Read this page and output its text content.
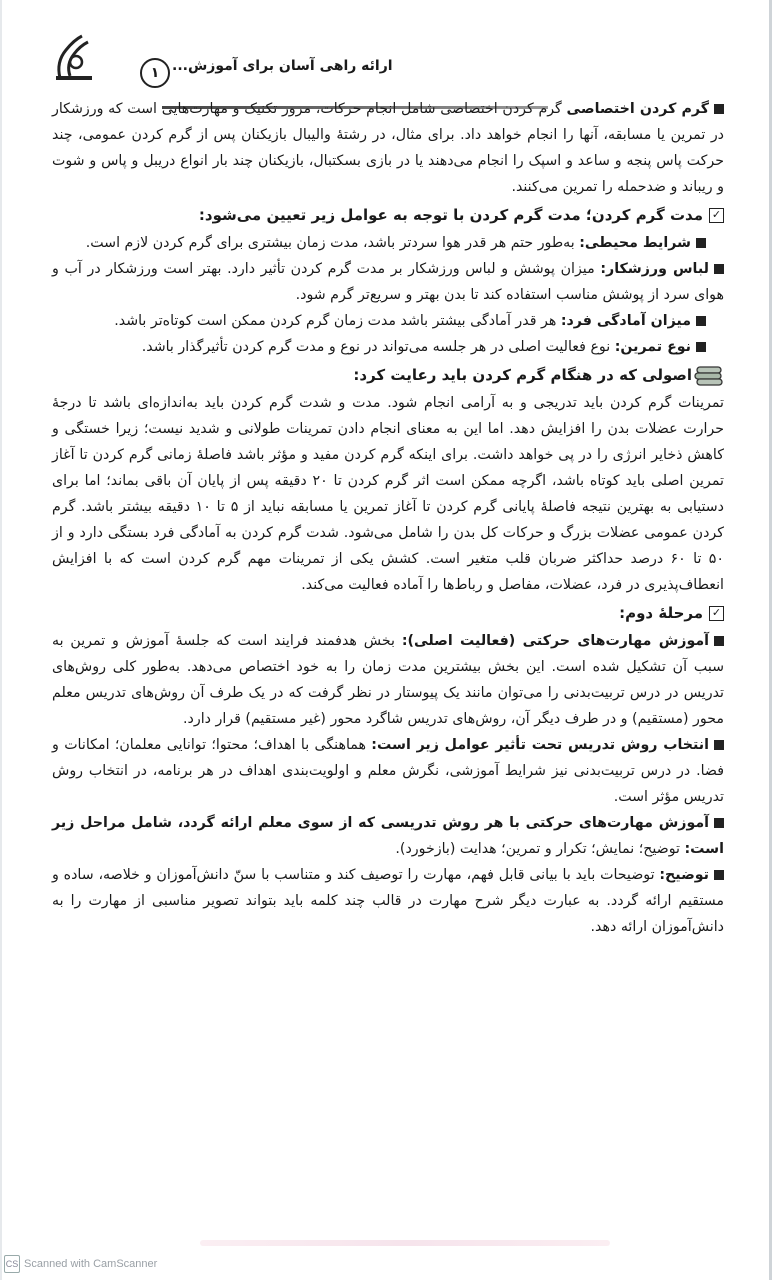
۱ ارائه راهی آسان برای آموزش...

گرم کردن اختصاصی گرم کردن اختصاصی شامل انجام حرکات، مرور تکنیک و مهارت‌هایی است که ورزشکار در تمرین یا مسابقه، آنها را انجام خواهد داد. برای مثال، در رشتهٔ والیبال بازیکنان پس از گرم کردن عمومی، چند حرکت پاس پنجه و ساعد و اسپک را انجام می‌دهند یا در بازی بسکتبال، بازیکنان چند بار انواع دریبل و پاس و شوت و ریباند و ضدحمله را تمرین می‌کنند.

✓مدت گرم کردن؛ مدت گرم کردن با توجه به عوامل زیر تعیین می‌شود:

شرایط محیطی: به‌طور حتم هر قدر هوا سردتر باشد، مدت زمان بیشتری برای گرم کردن لازم است.

لباس ورزشکار: میزان پوشش و لباس ورزشکار بر مدت گرم کردن تأثیر دارد. بهتر است ورزشکار در آب و هوای سرد از پوشش مناسب استفاده کند تا بدن بهتر و سریع‌تر گرم شود.

میزان آمادگی فرد: هر قدر آمادگی بیشتر باشد مدت زمان گرم کردن ممکن است کوتاه‌تر باشد.

نوع تمرین: نوع فعالیت اصلی در هر جلسه می‌تواند در نوع و مدت گرم کردن تأثیرگذار باشد.

اصولی که در هنگام گرم کردن باید رعایت کرد:

تمرینات گرم کردن باید تدریجی و به آرامی انجام شود. مدت و شدت گرم کردن باید به‌اندازه‌ای باشد تا درجهٔ حرارت عضلات بدن را افزایش دهد. اما این به معنای انجام دادن تمرینات طولانی و شدید نیست؛ زیرا خستگی و کاهش ذخایر انرژی را در پی خواهد داشت. برای اینکه گرم کردن مفید و مؤثر باشد فاصلهٔ زمانی گرم کردن تا آغاز تمرین اصلی باید کوتاه باشد، اگرچه ممکن است اثر گرم کردن تا ۲۰ دقیقه پس از پایان آن باقی بماند؛ اما برای دستیابی به بهترین نتیجه فاصلهٔ پایانی گرم کردن تا آغاز تمرین یا مسابقه نباید از ۵ تا ۱۰ دقیقه بیشتر باشد. گرم کردن عمومی عضلات بزرگ و حرکات کل بدن را شامل می‌شود. شدت گرم کردن به آمادگی فرد بستگی دارد و از ۵۰ تا ۶۰ درصد حداکثر ضربان قلب متغیر است. کشش یکی از تمرینات مهم گرم کردن است که با افزایش انعطاف‌پذیری در فرد، عضلات، مفاصل و رباط‌ها را آماده فعالیت می‌کند.

✓مرحلهٔ دوم:

آموزش مهارت‌های حرکتی (فعالیت اصلی): بخش هدفمند فرایند است که جلسهٔ آموزش و تمرین به سبب آن تشکیل شده است. این بخش بیشترین مدت زمان را به خود اختصاص می‌دهد. به‌طور کلی روش‌های تدریس در درس تربیت‌بدنی را می‌توان مانند یک پیوستار در نظر گرفت که در یک طرف آن روش‌های تدریس معلم محور (مستقیم) و در طرف دیگر آن، روش‌های تدریس شاگرد محور (غیر مستقیم) قرار دارد.

انتخاب روش تدریس تحت تأثیر عوامل زیر است: هماهنگی با اهداف؛ محتوا؛ توانایی معلمان؛ امکانات و فضا. در درس تربیت‌بدنی نیز شرایط آموزشی، نگرش معلم و اولویت‌بندی اهداف در هر برنامه، در انتخاب روش تدریس مؤثر است.

آموزش مهارت‌های حرکتی با هر روش تدریسی که از سوی معلم ارائه گردد، شامل مراحل زیر است: توضیح؛ نمایش؛ تکرار و تمرین؛ هدایت (بازخورد).

توضیح: توضیحات باید با بیانی قابل فهم، مهارت را توصیف کند و متناسب با سنّ دانش‌آموزان و خلاصه، ساده و مستقیم ارائه گردد. به عبارت دیگر شرح مهارت در قالب چند کلمه باید بتواند تصویر مناسبی از مهارت را به دانش‌آموزان ارائه دهد.

CS Scanned with CamScanner
